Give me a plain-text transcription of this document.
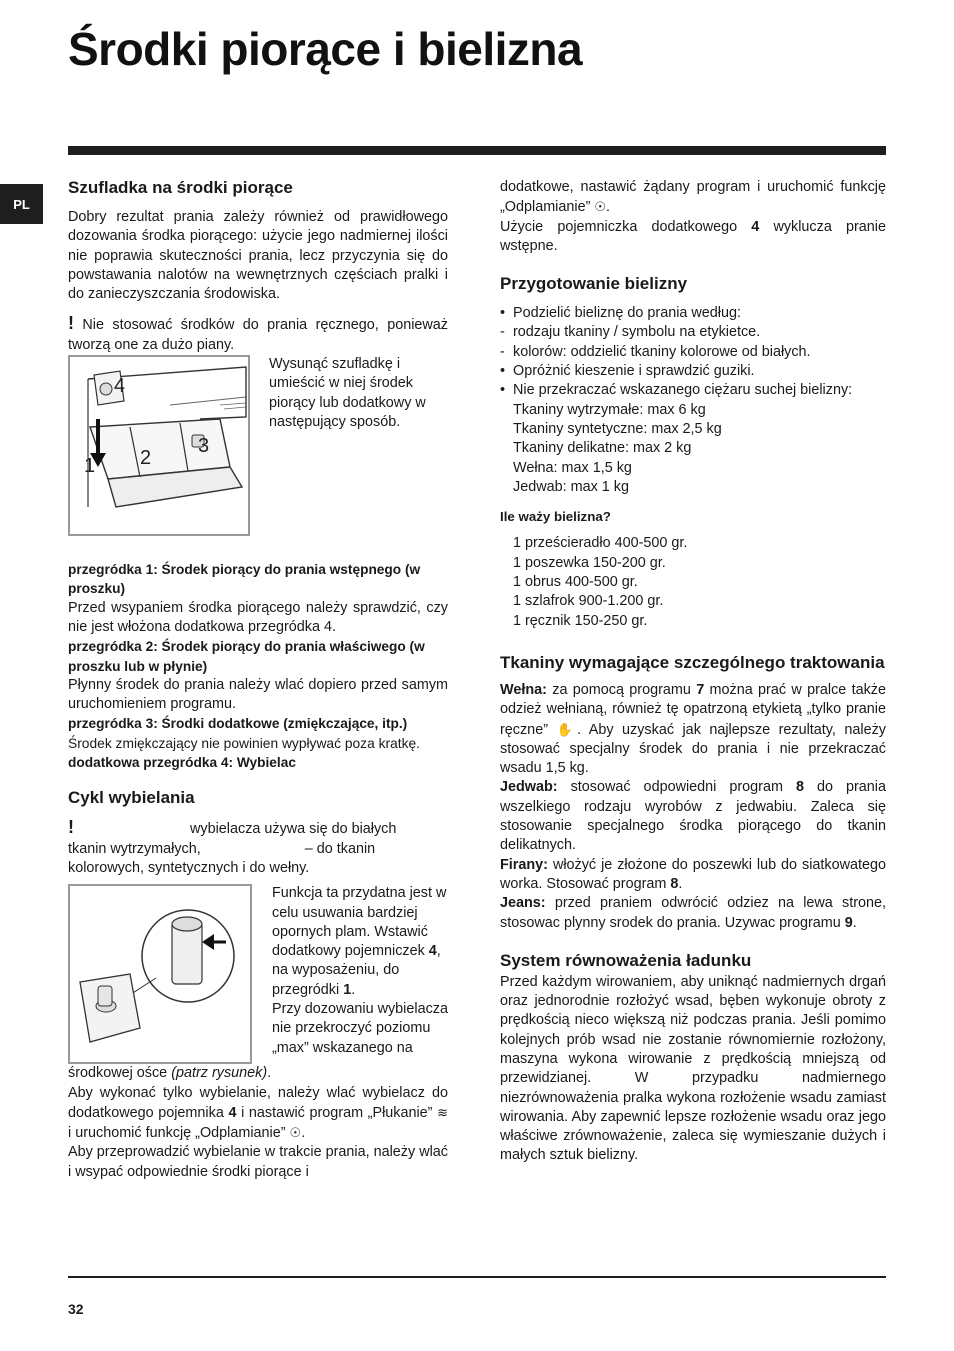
Środki piorące i bielizna
PL
Szufladka na środki piorące

Dobry rezultat prania zależy również od prawidłowego dozowania środka piorącego: użycie jego nadmiernej ilości nie poprawia skuteczności prania, lecz przyczynia się do powstawania nalotów na wewnętrznych częściach pralki i do zanieczyszczania środowiska.

! Nie stosować środków do prania ręcznego, ponieważ tworzą one za dużo piany.

1 2
3
4

Wysunąć szufladkę i umieścić w niej środek piorący lub dodatkowy w następujący sposób.

przegródka 1: Środek piorący do prania wstępnego (w proszku)

Przed wsypaniem środka piorącego należy sprawdzić, czy nie jest włożona dodatkowa przegródka 4.

przegródka 2: Środek piorący do prania właściwego (w proszku lub w płynie)

Płynny środek do prania należy wlać dopiero przed samym uruchomieniem programu.

przegródka 3: Środki dodatkowe (zmiękczające, itp.)

Środek zmiękczający nie powinien wypływać poza kratkę.

dodatkowa przegródka 4: Wybielac

Cykl wybielania

!	wybielacza używa się do białych

tkanin wytrzymałych,	– do tkanin

kolorowych, syntetycznych i do wełny.

Funkcja ta przydatna jest w celu usuwania bardziej opornych plam. Wstawić dodatkowy pojemniczek 4, na wyposażeniu, do przegródki 1.

Przy dozowaniu wybielacza nie przekroczyć poziomu „max” wskazanego na

środkowej ośce (patrz rysunek).

Aby wykonać tylko wybielanie, należy wlać wybielacz do dodatkowego pojemnika 4 i nastawić program „Płukanie” ≋ i uruchomić funkcję „Odplamianie” ☉.

Aby przeprowadzić wybielanie w trakcie prania, należy wlać i wsypać odpowiednie środki piorące i

dodatkowe, nastawić żądany program i uruchomić funkcję „Odplamianie” ☉.

Użycie pojemniczka dodatkowego 4 wyklucza pranie wstępne.

Przygotowanie bielizny
• Podzielić bieliznę do prania według:
- rodzaju tkaniny / symbolu na etykietce.
- kolorów: oddzielić tkaniny kolorowe od białych.
• Opróżnić kieszenie i sprawdzić guziki.
• Nie przekraczać wskazanego ciężaru suchej bielizny:

Tkaniny wytrzymałe: max 6 kg

Tkaniny syntetyczne: max 2,5 kg

Tkaniny delikatne: max 2 kg

Wełna: max 1,5 kg

Jedwab: max 1 kg

Ile waży bielizna?

1 prześcieradło 400-500 gr.

1 poszewka 150-200 gr.

1 obrus 400-500 gr.

1 szlafrok 900-1.200 gr.

1 ręcznik 150-250 gr.

Tkaniny wymagające szczególnego traktowania

Wełna: za pomocą programu 7 można prać w pralce także odzież wełnianą, również tę opatrzoną etykietą „tylko pranie ręczne” ✋. Aby uzyskać jak najlepsze rezultaty, należy stosować specjalny środek do prania i nie przekraczać wsadu 1,5 kg.

Jedwab: stosować odpowiedni program 8 do prania wszelkiego rodzaju wyrobów z jedwabiu. Zaleca się stosowanie specjalnego środka piorącego do tkanin delikatnych.

Firany: włożyć je złożone do poszewki lub do siatkowatego worka. Stosować program 8.

Jeans: przed praniem odwrócić odziez na lewa strone, stosowac plynny srodek do prania. Uzywac programu 9.

System równoważenia ładunku

Przed każdym wirowaniem, aby uniknąć nadmiernych drgań oraz jednorodnie rozłożyć wsad, bęben wykonuje obroty z prędkością nieco większą niż podczas prania. Jeśli pomimo kolejnych prób wsad nie zostanie równomiernie rozłożony, maszyna wykona wirowanie z prędkością mniejszą od przewidzianej. W przypadku nadmiernego niezrównoważenia pralka wykona rozłożenie wsadu zamiast wirowania. Aby zapewnić lepsze rozłożenie wsadu oraz jego właściwe zrównoważenie, zaleca się wymieszanie dużych i małych sztuk bielizny.

32
